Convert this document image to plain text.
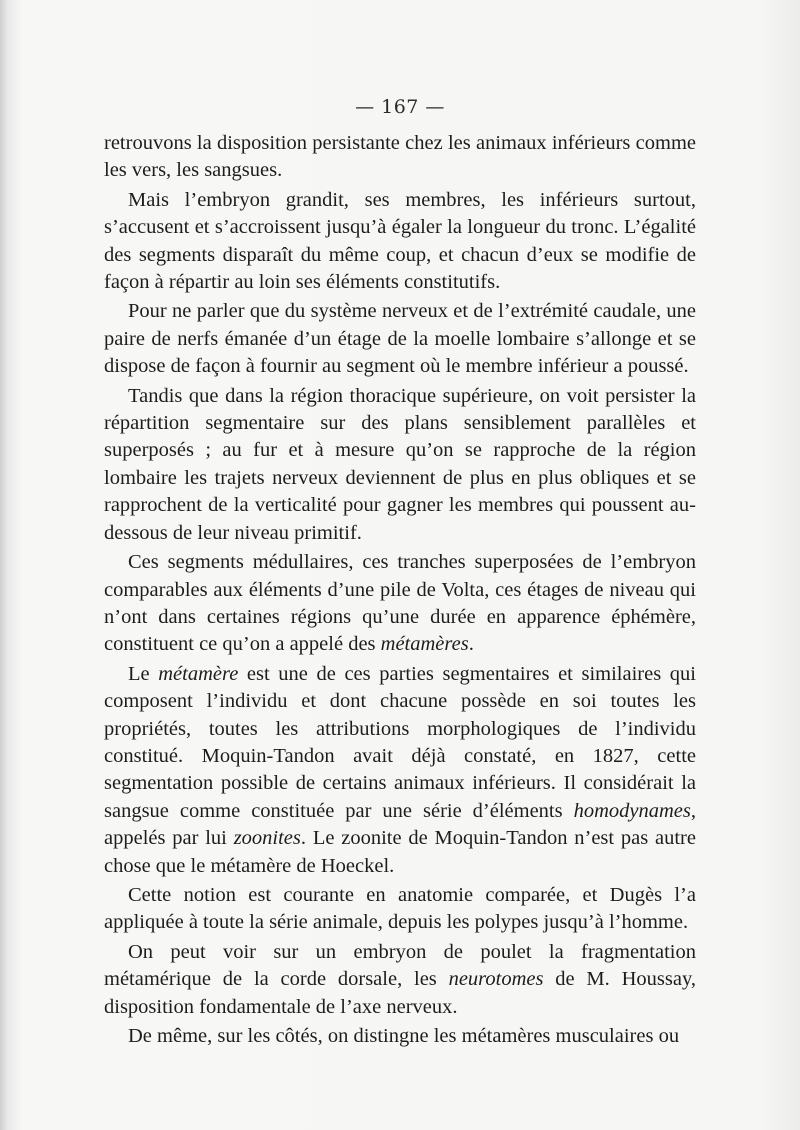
— 167 —

retrouvons la disposition persistante chez les animaux inférieurs comme les vers, les sangsues.

Mais l’embryon grandit, ses membres, les inférieurs surtout, s’accusent et s’accroissent jusqu’à égaler la longueur du tronc. L’égalité des segments disparaît du même coup, et chacun d’eux se modifie de façon à répartir au loin ses éléments constitutifs.

Pour ne parler que du système nerveux et de l’extrémité caudale, une paire de nerfs émanée d’un étage de la moelle lombaire s’allonge et se dispose de façon à fournir au segment où le membre inférieur a poussé.

Tandis que dans la région thoracique supérieure, on voit persister la répartition segmentaire sur des plans sensiblement parallèles et superposés ; au fur et à mesure qu’on se rapproche de la région lombaire les trajets nerveux deviennent de plus en plus obliques et se rapprochent de la verticalité pour gagner les membres qui poussent au-dessous de leur niveau primitif.

Ces segments médullaires, ces tranches superposées de l’embryon comparables aux éléments d’une pile de Volta, ces étages de niveau qui n’ont dans certaines régions qu’une durée en apparence éphémère, constituent ce qu’on a appelé des métamères.

Le métamère est une de ces parties segmentaires et similaires qui composent l’individu et dont chacune possède en soi toutes les propriétés, toutes les attributions morphologiques de l’individu constitué. Moquin-Tandon avait déjà constaté, en 1827, cette segmentation possible de certains animaux inférieurs. Il considérait la sangsue comme constituée par une série d’éléments homodynames, appelés par lui zoonites. Le zoonite de Moquin-Tandon n’est pas autre chose que le métamère de Hoeckel.

Cette notion est courante en anatomie comparée, et Dugès l’a appliquée à toute la série animale, depuis les polypes jusqu’à l’homme.

On peut voir sur un embryon de poulet la fragmentation métamérique de la corde dorsale, les neurotomes de M. Houssay, disposition fondamentale de l’axe nerveux.

De même, sur les côtés, on distingne les métamères musculaires ou
